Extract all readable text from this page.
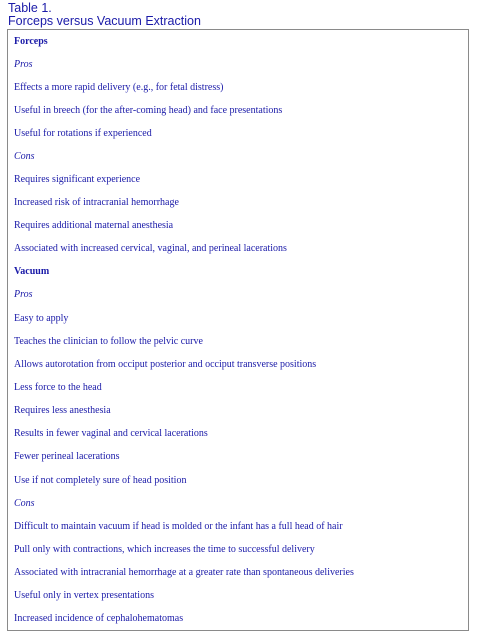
Table 1.
Forceps versus Vacuum Extraction
Forceps
Pros
Effects a more rapid delivery (e.g., for fetal distress)
Useful in breech (for the after-coming head) and face presentations
Useful for rotations if experienced
Cons
Requires significant experience
Increased risk of intracranial hemorrhage
Requires additional maternal anesthesia
Associated with increased cervical, vaginal, and perineal lacerations
Vacuum
Pros
Easy to apply
Teaches the clinician to follow the pelvic curve
Allows autorotation from occiput posterior and occiput transverse positions
Less force to the head
Requires less anesthesia
Results in fewer vaginal and cervical lacerations
Fewer perineal lacerations
Use if not completely sure of head position
Cons
Difficult to maintain vacuum if head is molded or the infant has a full head of hair
Pull only with contractions, which increases the time to successful delivery
Associated with intracranial hemorrhage at a greater rate than spontaneous deliveries
Useful only in vertex presentations
Increased incidence of cephalohematomas
